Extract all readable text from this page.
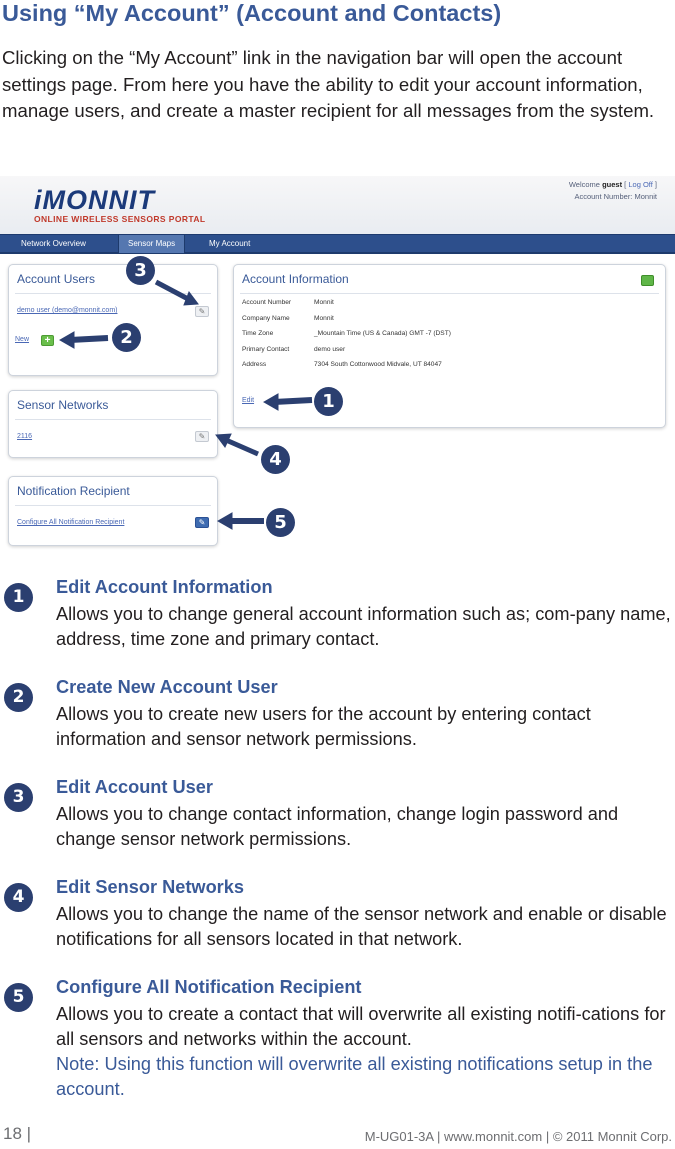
Using “My Account” (Account and Contacts)
Clicking on the “My Account” link in the navigation bar will open the account settings page. From here you have the ability to edit your account information, manage users, and create a master recipient for all messages from the system.
iMONNIT
ONLINE WIRELESS SENSORS PORTAL
Welcome guest [ Log Off ]
Account Number: Monnit
Network Overview	Sensor Maps	My Account
Account Users
demo user (demo@monnit.com)	✎
New	+
Sensor Networks
2116	✎
Notification Recipient
Configure All Notification Recipient	✎
Account Information
Account Number	Monnit
Company Name	Monnit
Time Zone	_Mountain Time (US & Canada) GMT -7 (DST)
Primary Contact	demo user
Address	7304 South Cottonwood Midvale, UT 84047
Edit
3
2
1
4
5
1	Edit Account Information
Allows you to change general account information such as; com-pany name, address, time zone and primary contact.
2	Create New Account User
Allows you to create new users for the account by entering contact information and sensor network permissions.
3	Edit Account User
Allows you to change contact information, change login password and change sensor network permissions.
4	Edit Sensor Networks
Allows you to change the name of the sensor network and enable or disable notifications for all sensors located in that network.
5	Configure All Notification Recipient
Allows you to create a contact that will overwrite all existing notifi-cations for all sensors and networks within the account.
Note: Using this function will overwrite all existing notifications setup in the account.
18 |	M-UG01-3A | www.monnit.com | © 2011 Monnit Corp.
